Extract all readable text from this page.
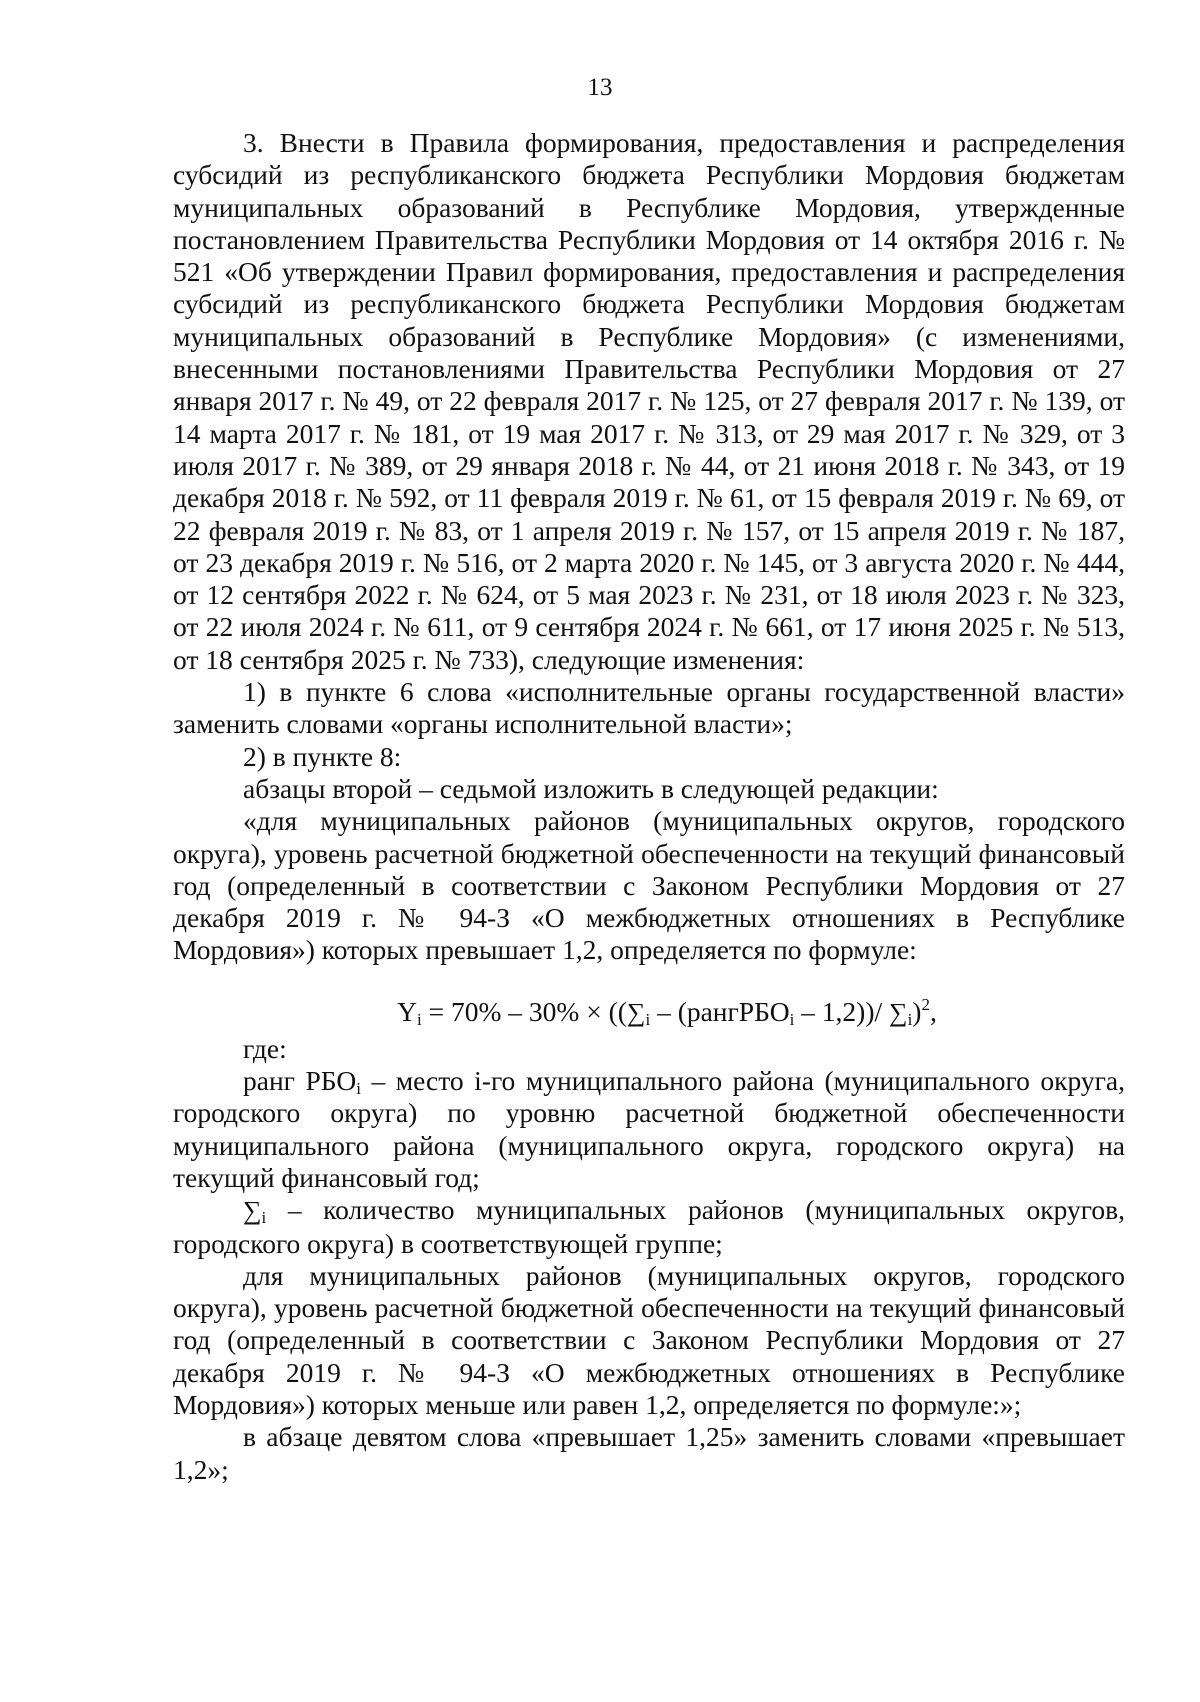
13

3. Внести в Правила формирования, предоставления и распределения субсидий из республиканского бюджета Республики Мордовия бюджетам муниципальных образований в Республике Мордовия, утвержденные постановлением Правительства Республики Мордовия от 14 октября 2016 г. № 521 «Об утверждении Правил формирования, предоставления и распределения субсидий из республиканского бюджета Республики Мордовия бюджетам муниципальных образований в Республике Мордовия» (с изменениями, внесенными постановлениями Правительства Республики Мордовия от 27 января 2017 г. № 49, от 22 февраля 2017 г. № 125, от 27 февраля 2017 г. № 139, от 14 марта 2017 г. № 181, от 19 мая 2017 г. № 313, от 29 мая 2017 г. № 329, от 3 июля 2017 г. № 389, от 29 января 2018 г. № 44, от 21 июня 2018 г. № 343, от 19 декабря 2018 г. № 592, от 11 февраля 2019 г. № 61, от 15 февраля 2019 г. № 69, от 22 февраля 2019 г. № 83, от 1 апреля 2019 г. № 157, от 15 апреля 2019 г. № 187, от 23 декабря 2019 г. № 516, от 2 марта 2020 г. № 145, от 3 августа 2020 г. № 444, от 12 сентября 2022 г. № 624, от 5 мая 2023 г. № 231, от 18 июля 2023 г. № 323, от 22 июля 2024 г. № 611, от 9 сентября 2024 г. № 661, от 17 июня 2025 г. № 513, от 18 сентября 2025 г. № 733), следующие изменения:

1) в пункте 6 слова «исполнительные органы государственной власти» заменить словами «органы исполнительной власти»;

2) в пункте 8:

абзацы второй – седьмой изложить в следующей редакции:

«для муниципальных районов (муниципальных округов, городского округа), уровень расчетной бюджетной обеспеченности на текущий финансовый год (определенный в соответствии с Законом Республики Мордовия от 27 декабря 2019 г. № 94-З «О межбюджетных отношениях в Республике Мордовия») которых превышает 1,2, определяется по формуле:

$Y_i = 70\% - 30\% \times ((\sum_i$ – (рангРБО$_i$ – 1,2))/ $\sum_i)^2$,

где:

ранг $РБО_i$ – место i-го муниципального района (муниципального округа, городского округа) по уровню расчетной бюджетной обеспеченности муниципального района (муниципального округа, городского округа) на текущий финансовый год;

$\sum_i$ – количество муниципальных районов (муниципальных округов, городского округа) в соответствующей группе;

для муниципальных районов (муниципальных округов, городского округа), уровень расчетной бюджетной обеспеченности на текущий финансовый год (определенный в соответствии с Законом Республики Мордовия от 27 декабря 2019 г. № 94-З «О межбюджетных отношениях в Республике Мордовия») которых меньше или равен 1,2, определяется по формуле:»;

в абзаце девятом слова «превышает 1,25» заменить словами «превышает 1,2»;
